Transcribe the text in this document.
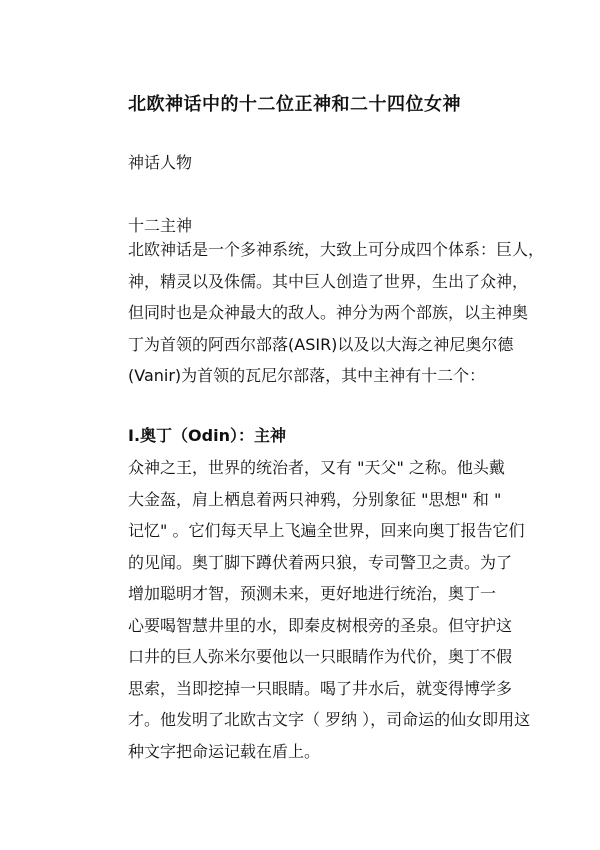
北欧神话中的十二位正神和二十四位女神

神话人物

十二主神

北欧神话是一个多神系统，大致上可分成四个体系：巨人，
神，精灵以及侏儒。其中巨人创造了世界，生出了众神，
但同时也是众神最大的敌人。神分为两个部族，以主神奥
丁为首领的阿西尔部落(ASIR)以及以大海之神尼奥尔德
(Vanir)为首领的瓦尼尔部落，其中主神有十二个：

I.奥丁（Odin）：主神

众神之王，世界的统治者，又有 "天父" 之称。他头戴
大金盔，肩上栖息着两只神鸦，分别象征 "思想" 和 "
记忆" 。它们每天早上飞遍全世界，回来向奥丁报告它们
的见闻。奥丁脚下蹲伏着两只狼，专司警卫之责。为了
增加聪明才智，预测未来，更好地进行统治，奥丁一
心要喝智慧井里的水，即秦皮树根旁的圣泉。但守护这
口井的巨人弥米尔要他以一只眼睛作为代价，奥丁不假
思索，当即挖掉一只眼睛。喝了井水后，就变得博学多
才。他发明了北欧古文字（ 罗纳 ），司命运的仙女即用这
种文字把命运记载在盾上。
